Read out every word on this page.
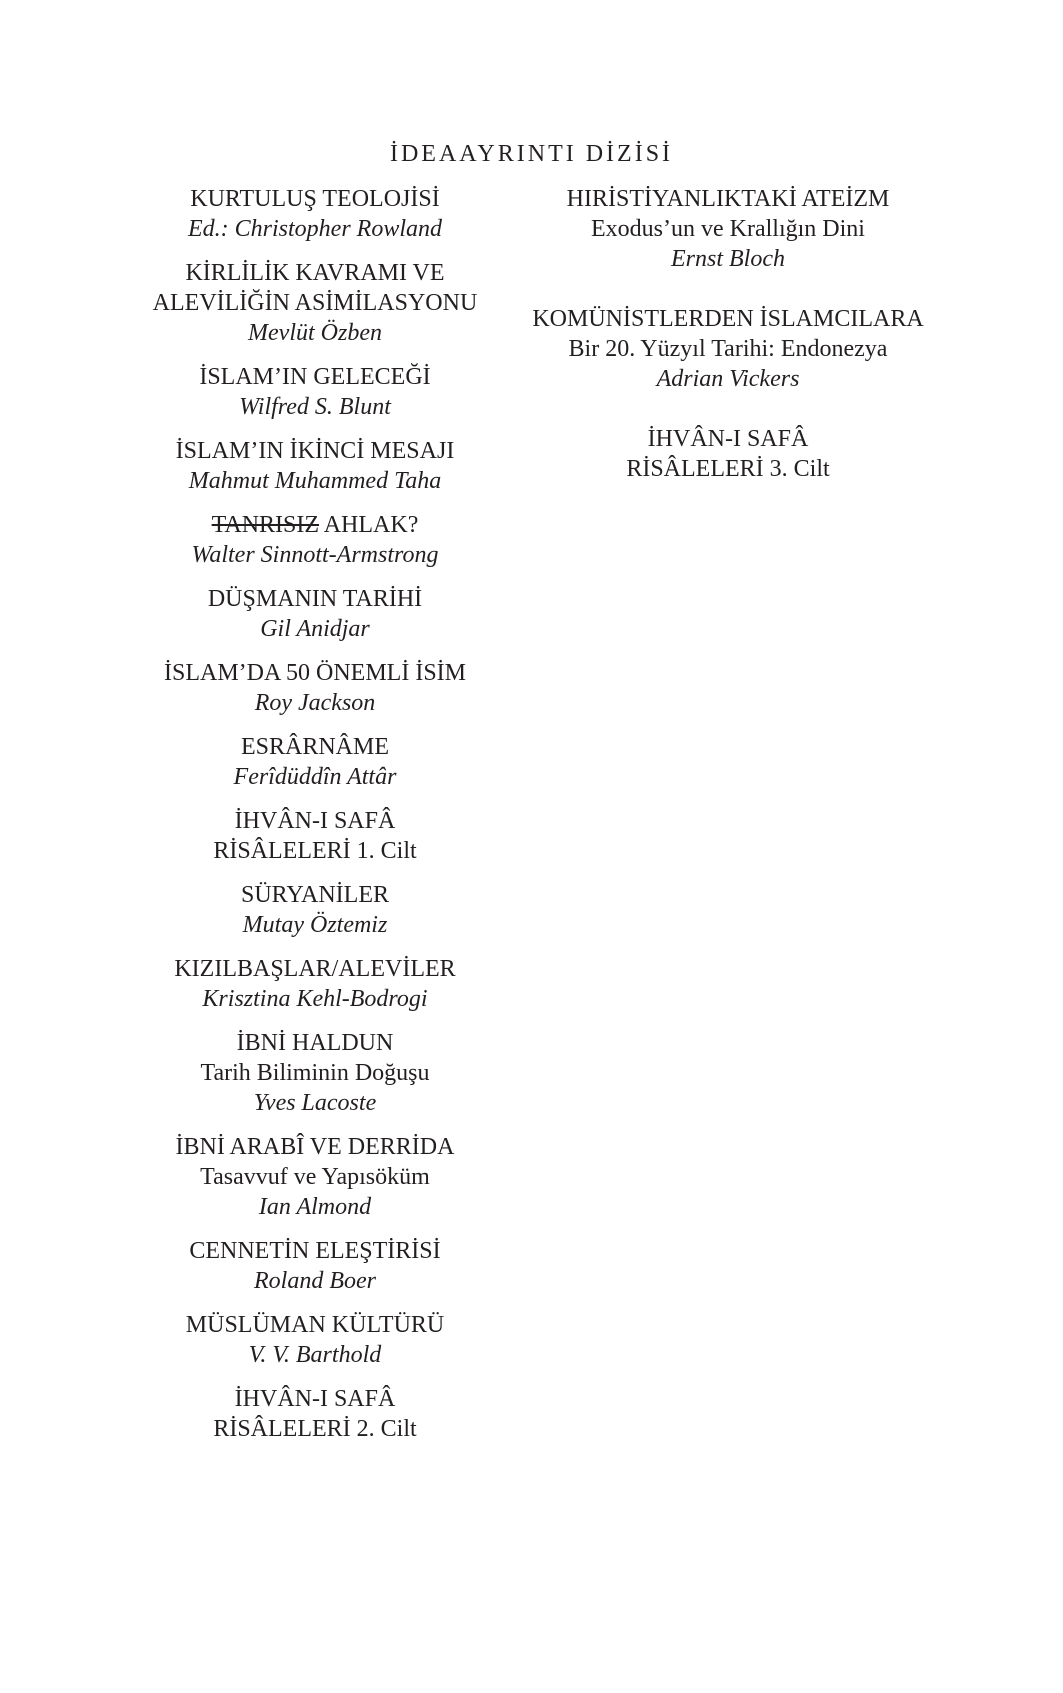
İDEAAYRINTI DİZİSİ
KURTULUŞ TEOLOJİSİ
Ed.: Christopher Rowland
KİRLİLİK KAVRAMI VE
ALEVİLİĞİN ASİMİLASYONU
Mevlüt Özben
İSLAM’IN GELECEĞİ
Wilfred S. Blunt
İSLAM’IN İKİNCİ MESAJI
Mahmut Muhammed Taha
TANRISIZ AHLAK?
Walter Sinnott-Armstrong
DÜŞMANIN TARİHİ
Gil Anidjar
İSLAM’DA 50 ÖNEMLİ İSİM
Roy Jackson
ESRÂRNÂME
Ferîdüddîn Attâr
İHVÂN-I SAFÂ
RİSÂLELERİ 1. Cilt
SÜRYANİLER
Mutay Öztemiz
KIZILBAŞLAR/ALEVİLER
Krisztina Kehl-Bodrogi
İBNİ HALDUN
Tarih Biliminin Doğuşu
Yves Lacoste
İBNİ ARABÎ VE DERRİDA
Tasavvuf ve Yapısöküm
Ian Almond
CENNETİN ELEŞTİRİSİ
Roland Boer
MÜSLÜMAN KÜLTÜRÜ
V. V. Barthold
İHVÂN-I SAFÂ
RİSÂLELERİ 2. Cilt
HIRİSTİYANLIKTAKİ ATEİZM
Exodus’un ve Krallığın Dini
Ernst Bloch
KOMÜNİSTLERDEN İSLAMCILARA
Bir 20. Yüzyıl Tarihi: Endonezya
Adrian Vickers
İHVÂN-I SAFÂ
RİSÂLELERİ 3. Cilt
